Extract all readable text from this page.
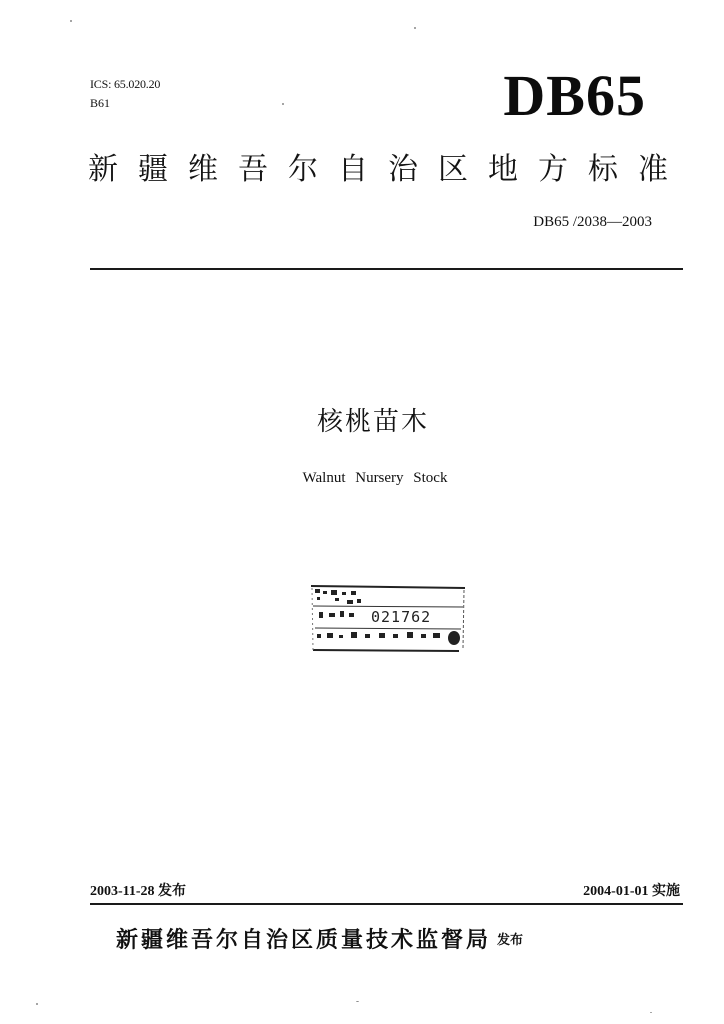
ICS: 65.020.20
B61	DB65
新疆维吾尔自治区地方标准
DB65 /2038—2003
核桃苗木
Walnut Nursery Stock
021762
2003-11-28 发布	2004-01-01 实施
新疆维吾尔自治区质量技术监督局 发布
